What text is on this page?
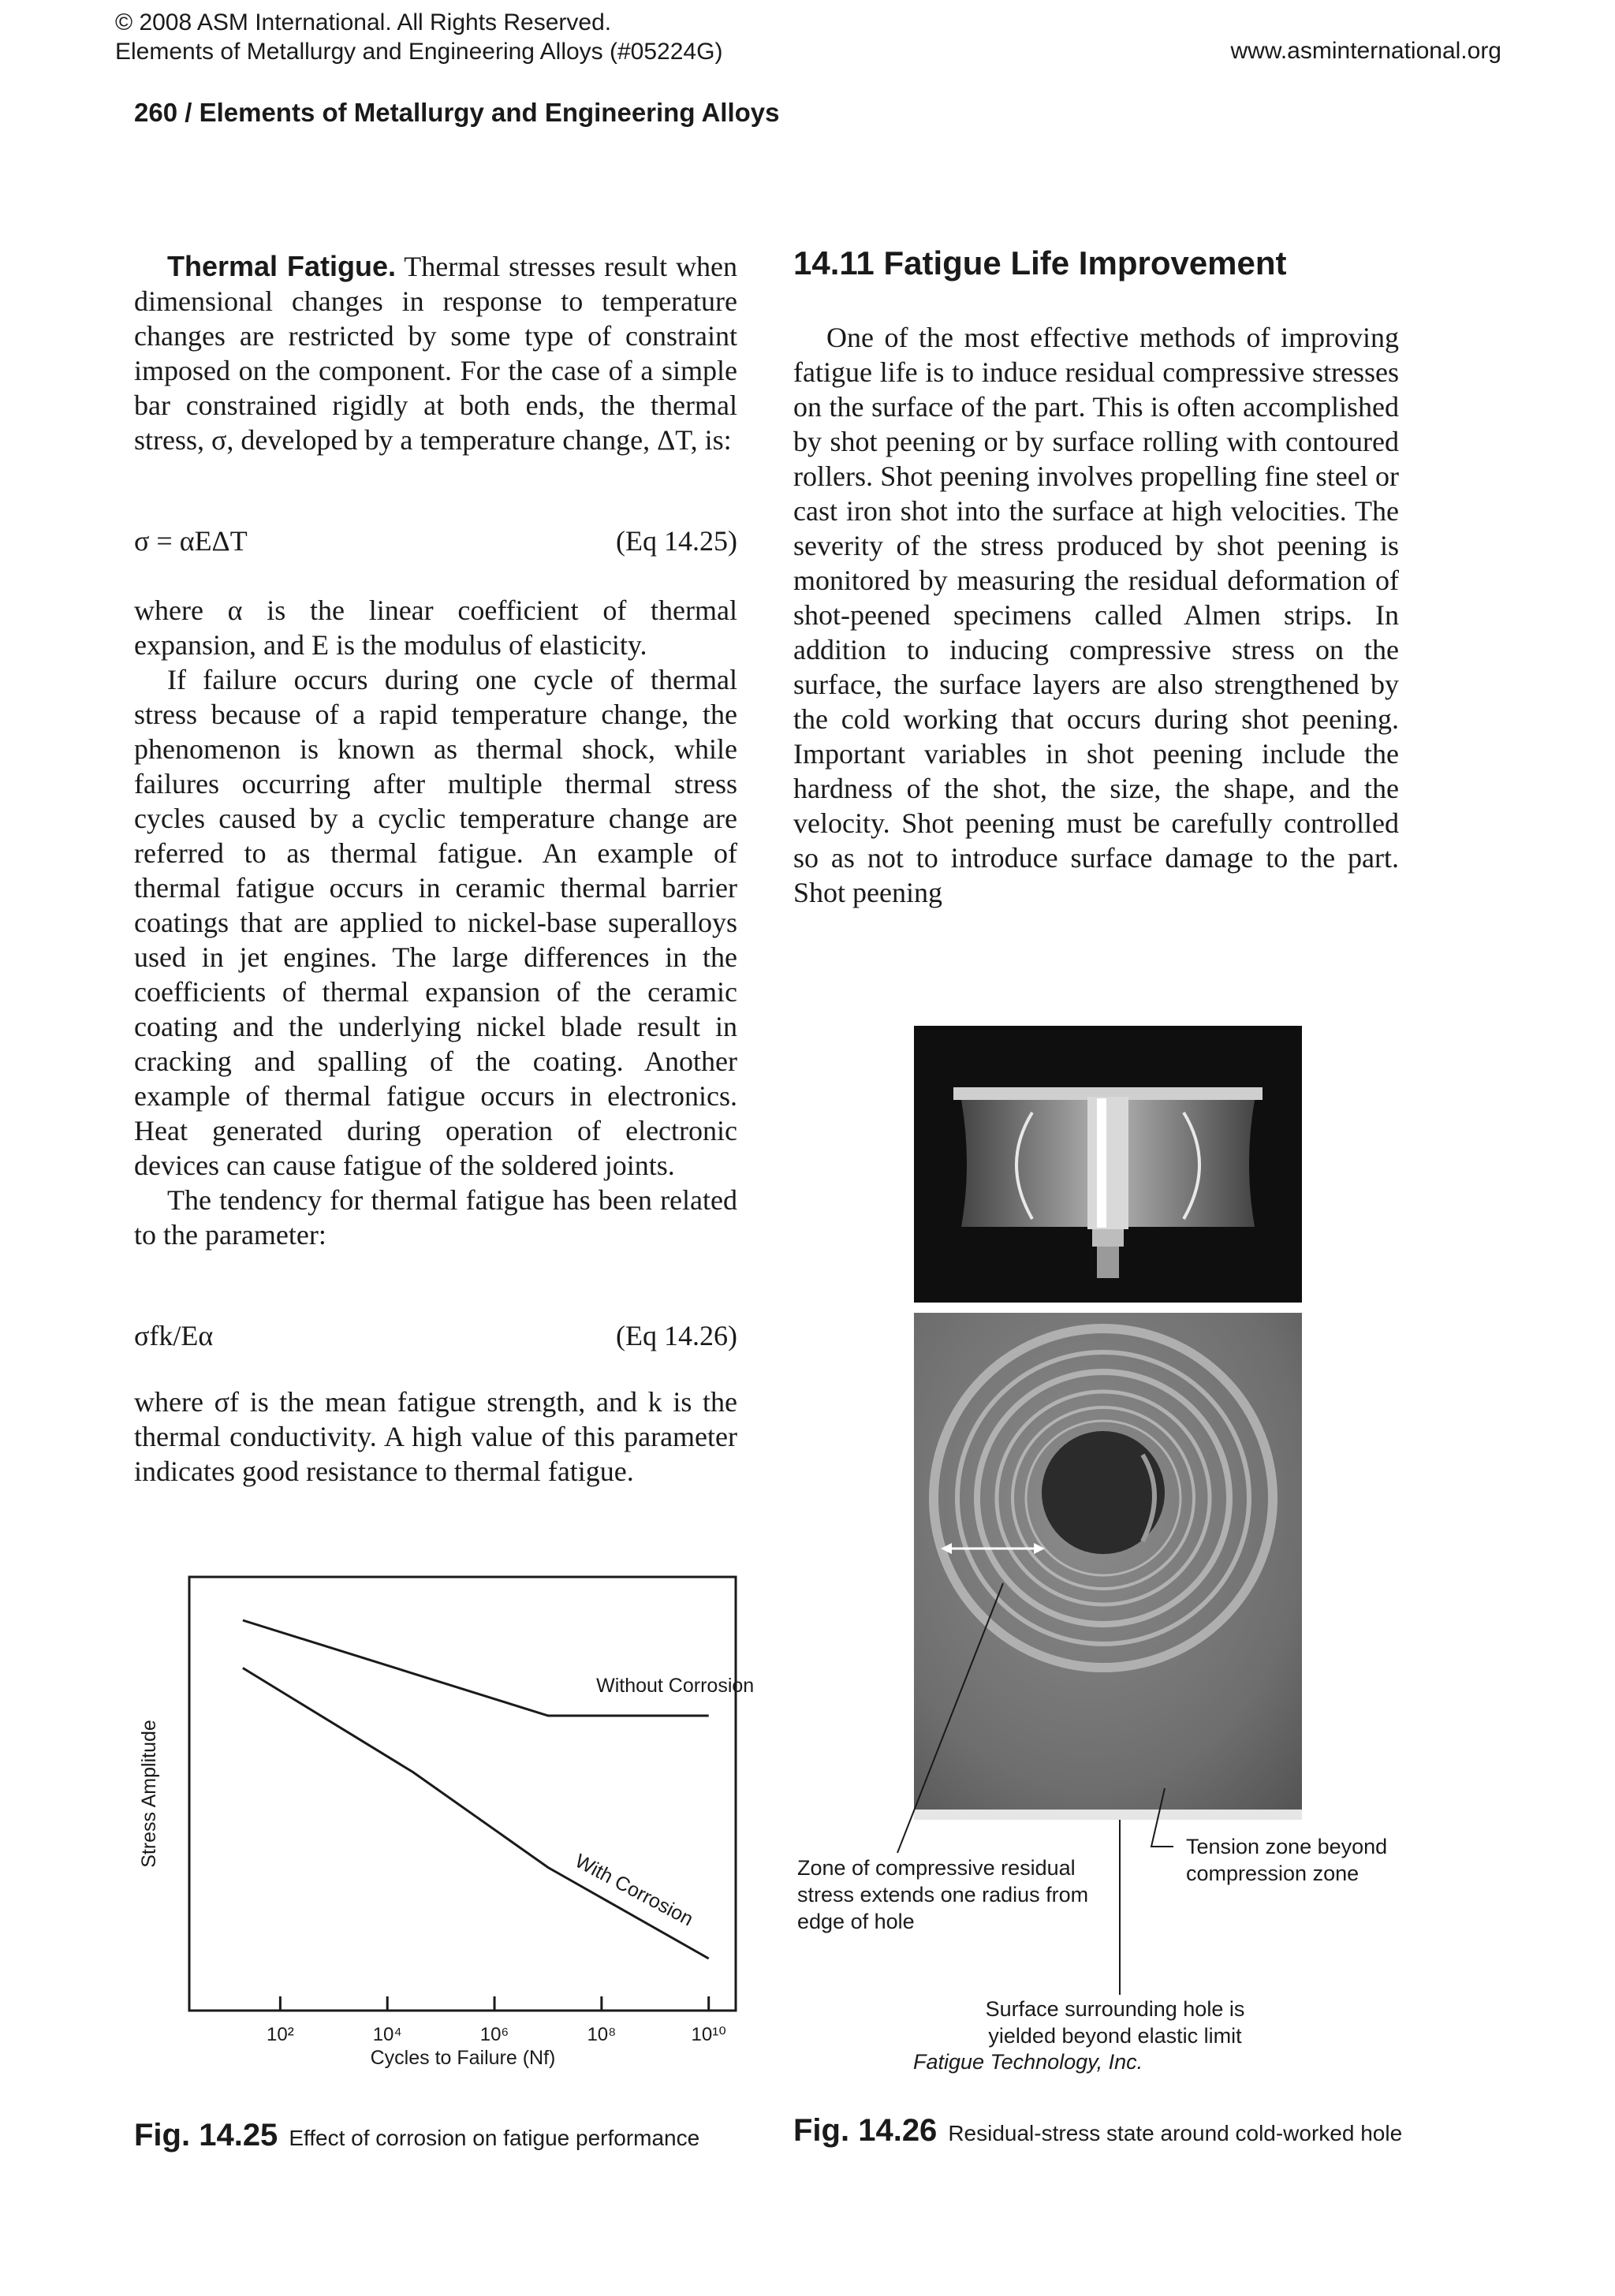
© 2008 ASM International. All Rights Reserved.
Elements of Metallurgy and Engineering Alloys (#05224G)	www.asminternational.org
260 / Elements of Metallurgy and Engineering Alloys

Thermal Fatigue. Thermal stresses result when dimensional changes in response to temperature changes are restricted by some type of constraint imposed on the component. For the case of a simple bar constrained rigidly at both ends, the thermal stress, σ, developed by a temperature change, ΔT, is:

σ = αEΔT	(Eq 14.25)

where α is the linear coefficient of thermal expansion, and E is the modulus of elasticity.

If failure occurs during one cycle of thermal stress because of a rapid temperature change, the phenomenon is known as thermal shock, while failures occurring after multiple thermal stress cycles caused by a cyclic temperature change are referred to as thermal fatigue. An example of thermal fatigue occurs in ceramic thermal barrier coatings that are applied to nickel-base superalloys used in jet engines. The large differences in the coefficients of thermal expansion of the ceramic coating and the underlying nickel blade result in cracking and spalling of the coating. Another example of thermal fatigue occurs in electronics. Heat generated during operation of electronic devices can cause fatigue of the soldered joints.

The tendency for thermal fatigue has been related to the parameter:

σfk/Eα	(Eq 14.26)

where σf is the mean fatigue strength, and k is the thermal conductivity. A high value of this parameter indicates good resistance to thermal fatigue.

14.11 Fatigue Life Improvement

One of the most effective methods of improving fatigue life is to induce residual compressive stresses on the surface of the part. This is often accomplished by shot peening or by surface rolling with contoured rollers. Shot peening involves propelling fine steel or cast iron shot into the surface at high velocities. The severity of the stress produced by shot peening is monitored by measuring the residual deformation of shot-peened specimens called Almen strips. In addition to inducing compressive stress on the surface, the surface layers are also strengthened by the cold working that occurs during shot peening. Important variables in shot peening include the hardness of the shot, the size, the shape, and the velocity. Shot peening must be carefully controlled so as not to introduce surface damage to the part. Shot peening

10²	10⁴	10⁶	10⁸	10¹⁰
Without Corrosion
With Corrosion
Stress Amplitude
Cycles to Failure (Nf)
Fig. 14.25 Effect of corrosion on fatigue performance
Zone of compressive residual stress extends one radius from edge of hole
Tension zone beyond compression zone
Surface surrounding hole is yielded beyond elastic limit
Fatigue Technology, Inc.
Fig. 14.26 Residual-stress state around cold-worked hole
